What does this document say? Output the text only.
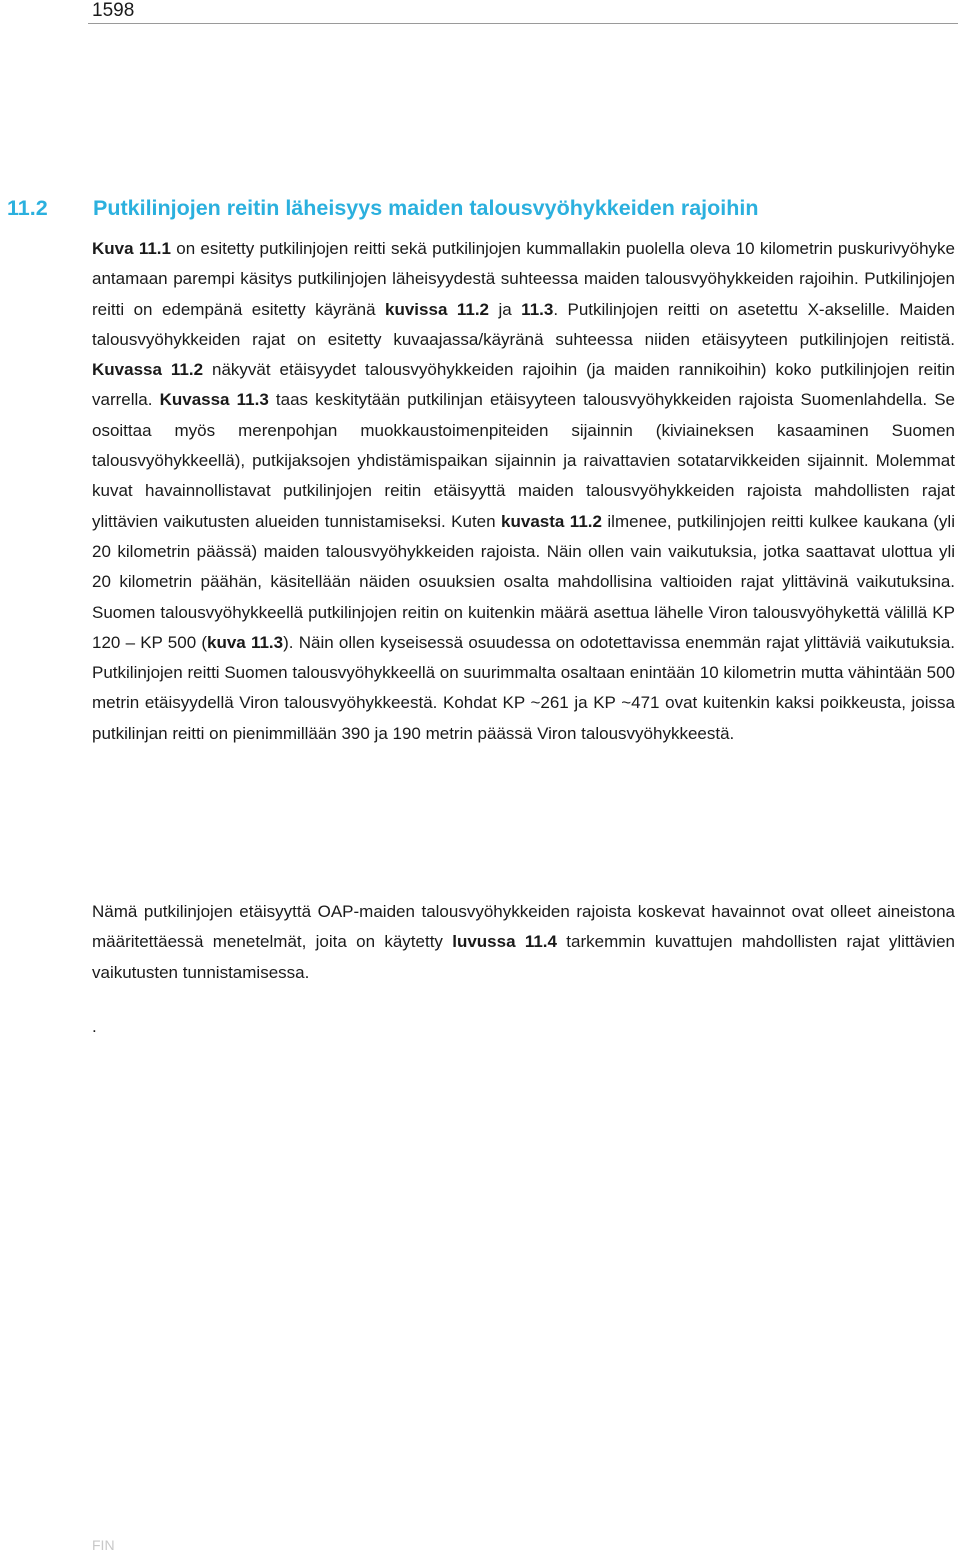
1598
11.2 Putkilinjojen reitin läheisyys maiden talousvyöhykkeiden rajoihin

Kuva 11.1 on esitetty putkilinjojen reitti sekä putkilinjojen kummallakin puolella oleva 10 kilometrin puskurivyöhyke antamaan parempi käsitys putkilinjojen läheisyydestä suhteessa maiden talousvyöhykkeiden rajoihin. Putkilinjojen reitti on edempänä esitetty käyränä kuvissa 11.2 ja 11.3. Putkilinjojen reitti on asetettu X-akselille. Maiden talousvyöhykkeiden rajat on esitetty kuvaajassa/käyränä suhteessa niiden etäisyyteen putkilinjojen reitistä. Kuvassa 11.2 näkyvät etäisyydet talousvyöhykkeiden rajoihin (ja maiden rannikoihin) koko putkilinjojen reitin varrella. Kuvassa 11.3 taas keskitytään putkilinjan etäisyyteen talousvyöhykkeiden rajoista Suomenlahdella. Se osoittaa myös merenpohjan muokkaustoimenpiteiden sijainnin (kiviaineksen kasaaminen Suomen talousvyöhykkeellä), putkijaksojen yhdistämispaikan sijainnin ja raivattavien sotatarvikkeiden sijainnit. Molemmat kuvat havainnollistavat putkilinjojen reitin etäisyyttä maiden talousvyöhykkeiden rajoista mahdollisten rajat ylittävien vaikutusten alueiden tunnistamiseksi. Kuten kuvasta 11.2 ilmenee, putkilinjojen reitti kulkee kaukana (yli 20 kilometrin päässä) maiden talousvyöhykkeiden rajoista. Näin ollen vain vaikutuksia, jotka saattavat ulottua yli 20 kilometrin päähän, käsitellään näiden osuuksien osalta mahdollisina valtioiden rajat ylittävinä vaikutuksina. Suomen talousvyöhykkeellä putkilinjojen reitin on kuitenkin määrä asettua lähelle Viron talousvyöhykettä välillä KP 120 – KP 500 (kuva 11.3). Näin ollen kyseisessä osuudessa on odotettavissa enemmän rajat ylittäviä vaikutuksia. Putkilinjojen reitti Suomen talousvyöhykkeellä on suurimmalta osaltaan enintään 10 kilometrin mutta vähintään 500 metrin etäisyydellä Viron talousvyöhykkeestä. Kohdat KP ~261 ja KP ~471 ovat kuitenkin kaksi poikkeusta, joissa putkilinjan reitti on pienimmillään 390 ja 190 metrin päässä Viron talousvyöhykkeestä.

Nämä putkilinjojen etäisyyttä OAP-maiden talousvyöhykkeiden rajoista koskevat havainnot ovat olleet aineistona määritettäessä menetelmät, joita on käytetty luvussa 11.4 tarkemmin kuvattujen mahdollisten rajat ylittävien vaikutusten tunnistamisessa.

.

FIN
